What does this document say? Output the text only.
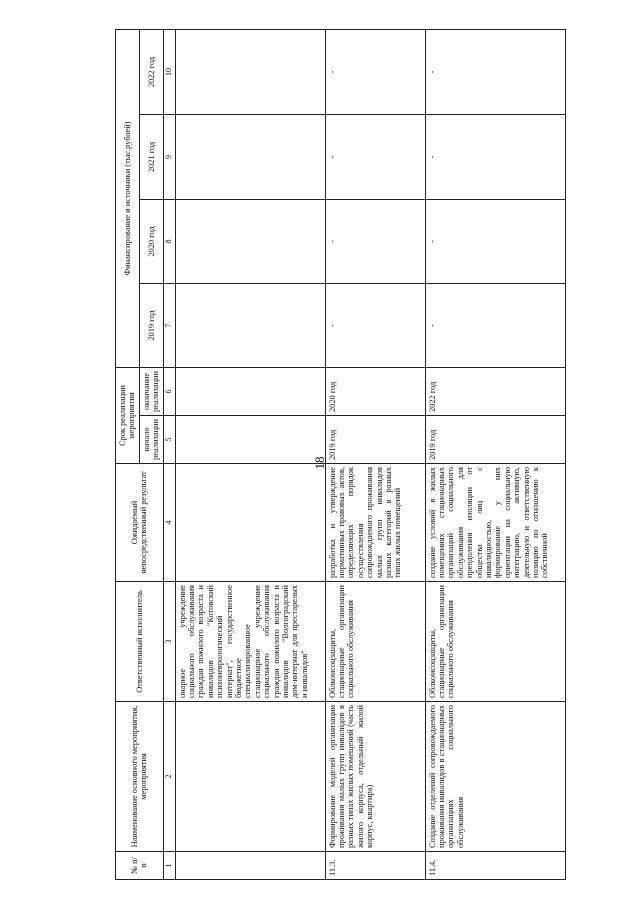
18
№ п/п	Наименование основного мероприятия, мероприятия	Ответственный исполнитель	Ожидаемый непосредственный результат	Срок реализации мероприятия		Финансирование и источники (тыс.рублей)			
				начало реализации	окончание реализации	2019 год	2020 год	2021 год	2022 год
1	2	3	4	5	6	7	8	9	10
		онарное учреждение социального обслуживания граждан пожилого возраста и инвалидов "Котовский психоневрологический интернат", государственное бюджетное специализированное стационарное учреждение социального обслуживания граждан пожилого возраста и инвалидов "Волгоградский дом-интернат для престарелых и инвалидов"							
11.3.	Формирование моделей организации проживания малых групп инвалидов в разных типах жилых помещений (часть жилого корпуса, отдельный жилой корпус, квартира)	Облкомсоцзащиты, стационарные организации социального обслуживания	разработка и утверждение нормативных правовых актов, определяющих порядок осуществления сопровождаемого проживания малых групп инвалидов разных категорий в разных типах жилых помещений	2019 год	2020 год	-	-	-	-
11.4.	Создание отделений сопровождаемого проживания инвалидов в стационарных организациях социального обслуживания	Облкомсоцзащиты, стационарные организации социального обслуживания	создание условий в жилых помещениях стационарных организаций социального обслуживания для преодоления изоляции от общества лиц с инвалидностью, формирование у них ориентации на социальную интеграцию, активную, деятельную и ответственную позицию по отношению к собственной	2019 год	2022 год	-	-	-	-
